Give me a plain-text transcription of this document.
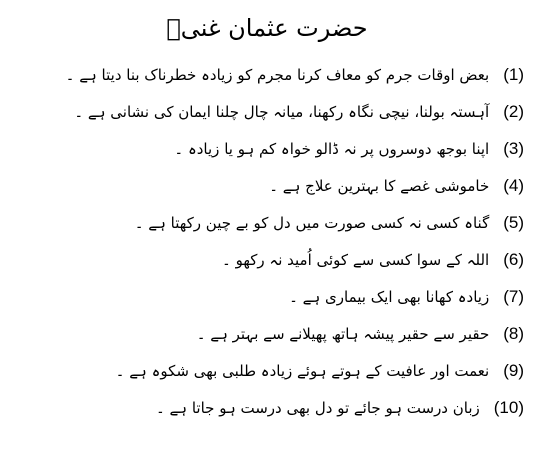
حضرت عثمان غنیؓ
(1)
بعض اوقات جرم کو معاف کرنا مجرم کو زیادہ خطرناک بنا دیتا ہے ۔
(2)
آہستہ بولنا، نیچی نگاہ رکھنا، میانہ چال چلنا ایمان کی نشانی ہے ۔
(3)
اپنا بوجھ دوسروں پر نہ ڈالو خواہ کم ہو یا زیادہ ۔
(4)
خاموشی غصے کا بہترین علاج ہے ۔
(5)
گناہ کسی نہ کسی صورت میں دل کو بے چین رکھتا ہے ۔
(6)
اللہ کے سوا کسی سے کوئی اُمید نہ رکھو ۔
(7)
زیادہ کھانا بھی ایک بیماری ہے ۔
(8)
حقیر سے حقیر پیشہ ہاتھ پھیلانے سے بہتر ہے ۔
(9)
نعمت اور عافیت کے ہوتے ہوئے زیادہ طلبی بھی شکوہ ہے ۔
(10)
زبان درست ہو جائے تو دل بھی درست ہو جاتا ہے ۔
